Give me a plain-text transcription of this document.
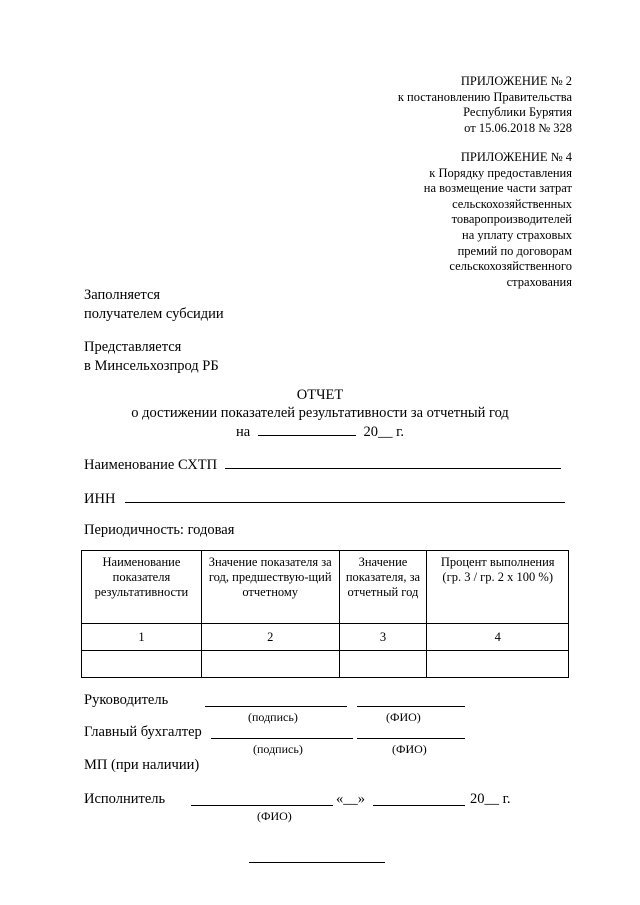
ПРИЛОЖЕНИЕ № 2
к постановлению Правительства
Республики Бурятия
от 15.06.2018 № 328
ПРИЛОЖЕНИЕ № 4
к Порядку предоставления
на возмещение части затрат
сельскохозяйственных
товаропроизводителей
на уплату страховых
премий по договорам
сельскохозяйственного
страхования
Заполняется
получателем субсидии
Представляется
в Минсельхозпрод РБ
ОТЧЕТ
о достижении показателей результативности за отчетный год
на	20__ г.
Наименование СХТП
ИНН
Периодичность: годовая
Наименование показателя результативности	Значение показателя за год, предшествую-щий отчетному	Значение показателя, за отчетный год	Процент выполнения (гр. 3 / гр. 2 х 100 %)
1	2	3	4

Руководитель
(подпись)	(ФИО)
Главный бухгалтер
(подпись)	(ФИО)
МП (при наличии)
Исполнитель	«__»	20__ г.
(ФИО)
